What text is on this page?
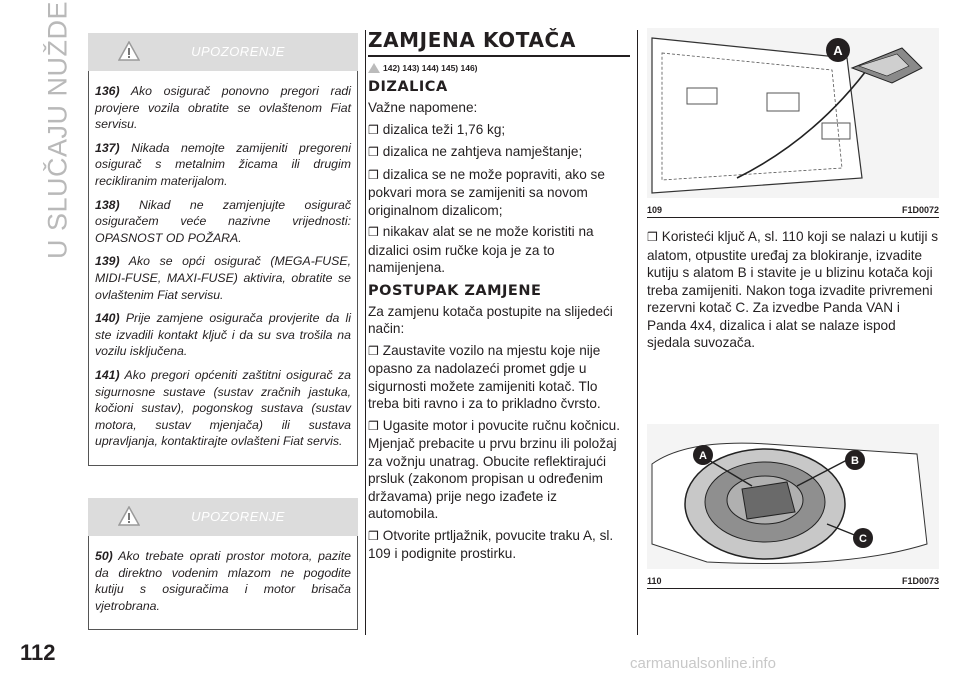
U SLUČAJU NUŽDE	UPOZORENJE

136) Ako osigurač ponovno pregori radi provjere vozila obratite se ovlaštenom Fiat servisu.

137) Nikada nemojte zamijeniti pregoreni osigurač s metalnim žicama ili drugim recikliranim materijalom.

138) Nikad ne zamjenjujte osigurač osiguračem veće nazivne vrijednosti: OPASNOST OD POŽARA.

139) Ako se opći osigurač (MEGA-FUSE, MIDI-FUSE, MAXI-FUSE) aktivira, obratite se ovlaštenim Fiat servisu.

140) Prije zamjene osigurača provjerite da li ste izvadili kontakt ključ i da su sva trošila na vozilu isključena.

141) Ako pregori općeniti zaštitni osigurač za sigurnosne sustave (sustav zračnih jastuka, kočioni sustav), pogonskog sustava (sustav motora, sustav mjenjača) ili sustava upravljanja, kontaktirajte ovlašteni Fiat servis.

UPOZORENJE

50) Ako trebate oprati prostor motora, pazite da direktno vodenim mlazom ne pogodite kutiju s osiguračima i motor brisača vjetrobrana.

ZAMJENA KOTAČA
142) 143) 144) 145) 146)
DIZALICA

Važne napomene:

❒ dizalica teži 1,76 kg;

❒ dizalica ne zahtjeva namještanje;

❒ dizalica se ne može popraviti, ako se pokvari mora se zamijeniti sa novom originalnom dizalicom;

❒ nikakav alat se ne može koristiti na dizalici osim ručke koja je za to namijenjena.

POSTUPAK ZAMJENE

Za zamjenu kotača postupite na slijedeći način:

❒ Zaustavite vozilo na mjestu koje nije opasno za nadolazeći promet gdje u sigurnosti možete zamijeniti kotač. Tlo treba biti ravno i za to prikladno čvrsto.

❒ Ugasite motor i povucite ručnu kočnicu. Mjenjač prebacite u prvu brzinu ili položaj za vožnju unatrag. Obucite reflektirajući prsluk (zakonom propisan u određenim državama) prije nego izađete iz automobila.

❒ Otvorite prtljažnik, povucite traku A, sl. 109 i podignite prostirku.

A
109	F1D0072
❒ Koristeći ključ A, sl. 110 koji se nalazi u kutiji s alatom, otpustite uređaj za blokiranje, izvadite kutiju s alatom B i stavite je u blizinu kotača koji treba zamijeniti. Nakon toga izvadite privremeni rezervni kotač C. Za izvedbe Panda VAN i Panda 4x4, dizalica i alat se nalaze ispod sjedala suvozača.
A	B
C
110	F1D0073
112	carmanualsonline.info
